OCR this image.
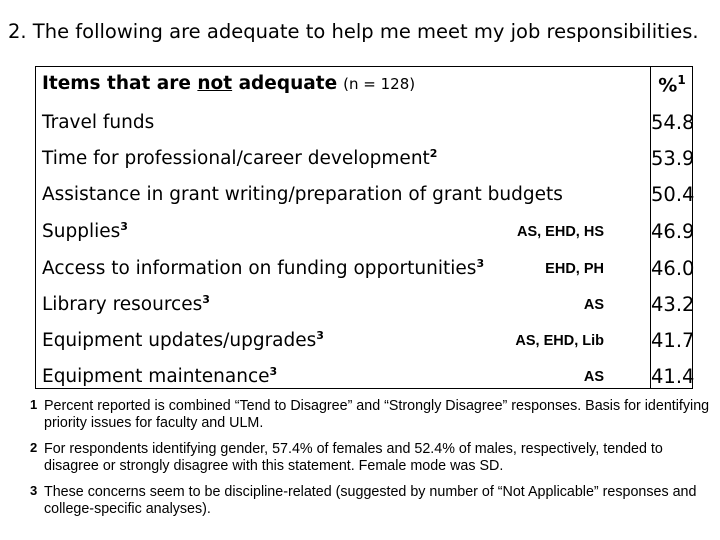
2. The following are adequate to help me meet my job responsibilities.
Items that are not adequate (n = 128)	%$^1$
Travel funds	54.8
Time for professional/career development$^2$	53.9
Assistance in grant writing/preparation of grant budgets	50.4
Supplies$^3$	AS, EHD, HS 46.9
Access to information on funding opportunities$^3$	EHD, PH 46.0
Library resources$^3$	AS 43.2
Equipment updates/upgrades$^3$	AS, EHD, Lib 41.7
Equipment maintenance$^3$	AS 41.4
1 Percent reported is combined “Tend to Disagree” and “Strongly Disagree” responses. Basis for identifying priority issues for faculty and ULM.
2 For respondents identifying gender, 57.4% of females and 52.4% of males, respectively, tended to disagree or strongly disagree with this statement. Female mode was SD.
3 These concerns seem to be discipline-related (suggested by number of “Not Applicable” responses and college-specific analyses).
